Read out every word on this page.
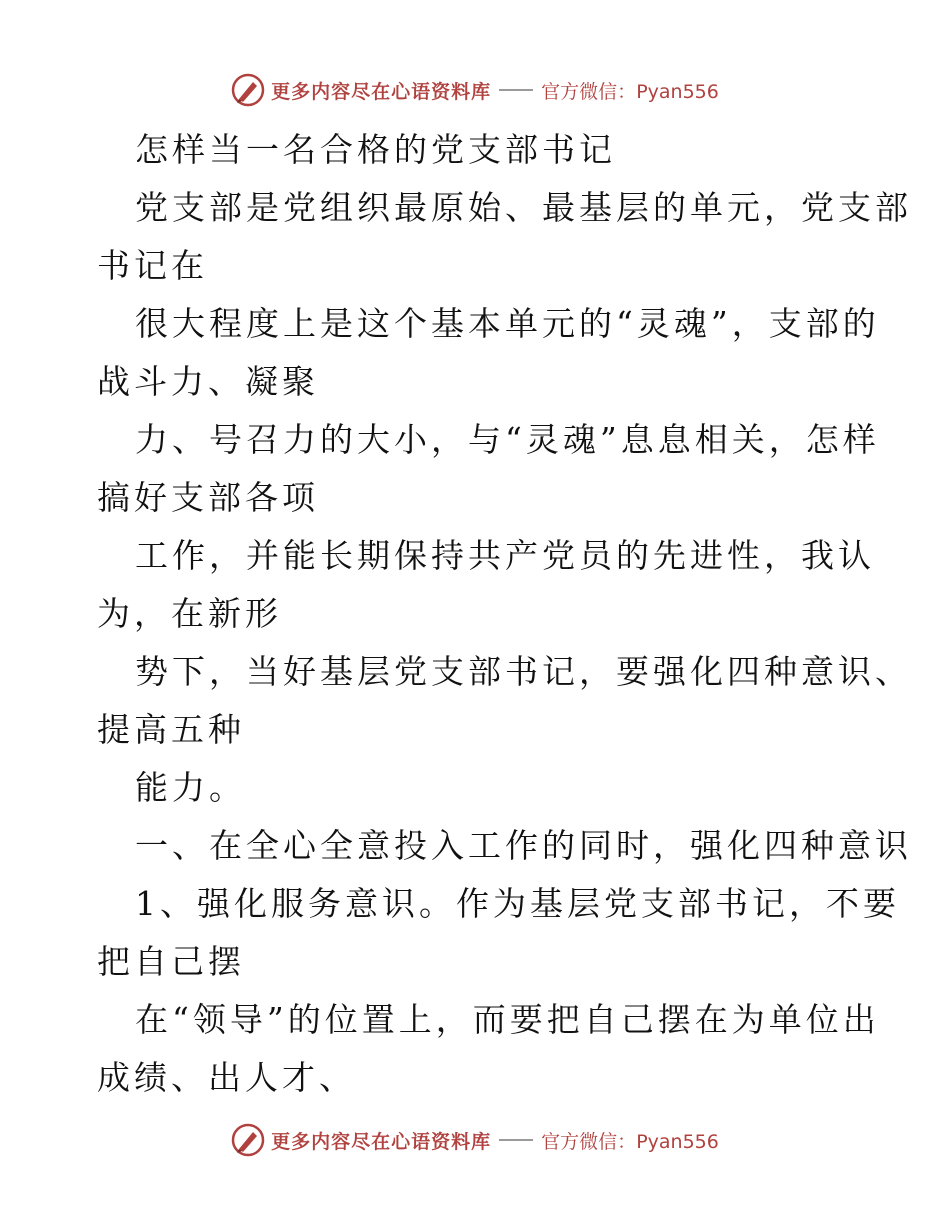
更多内容尽在心语资料库	官方微信：Pyan556
怎样当一名合格的党支部书记
党支部是党组织最原始、最基层的单元，党支部
书记在
很大程度上是这个基本单元的“灵魂”，支部的
战斗力、凝聚
力、号召力的大小，与“灵魂”息息相关，怎样
搞好支部各项
工作，并能长期保持共产党员的先进性，我认
为，在新形
势下，当好基层党支部书记，要强化四种意识、
提高五种
能力。
一、在全心全意投入工作的同时，强化四种意识
1、强化服务意识。作为基层党支部书记，不要
把自己摆
在“领导”的位置上，而要把自己摆在为单位出
成绩、出人才、
更多内容尽在心语资料库	官方微信：Pyan556
